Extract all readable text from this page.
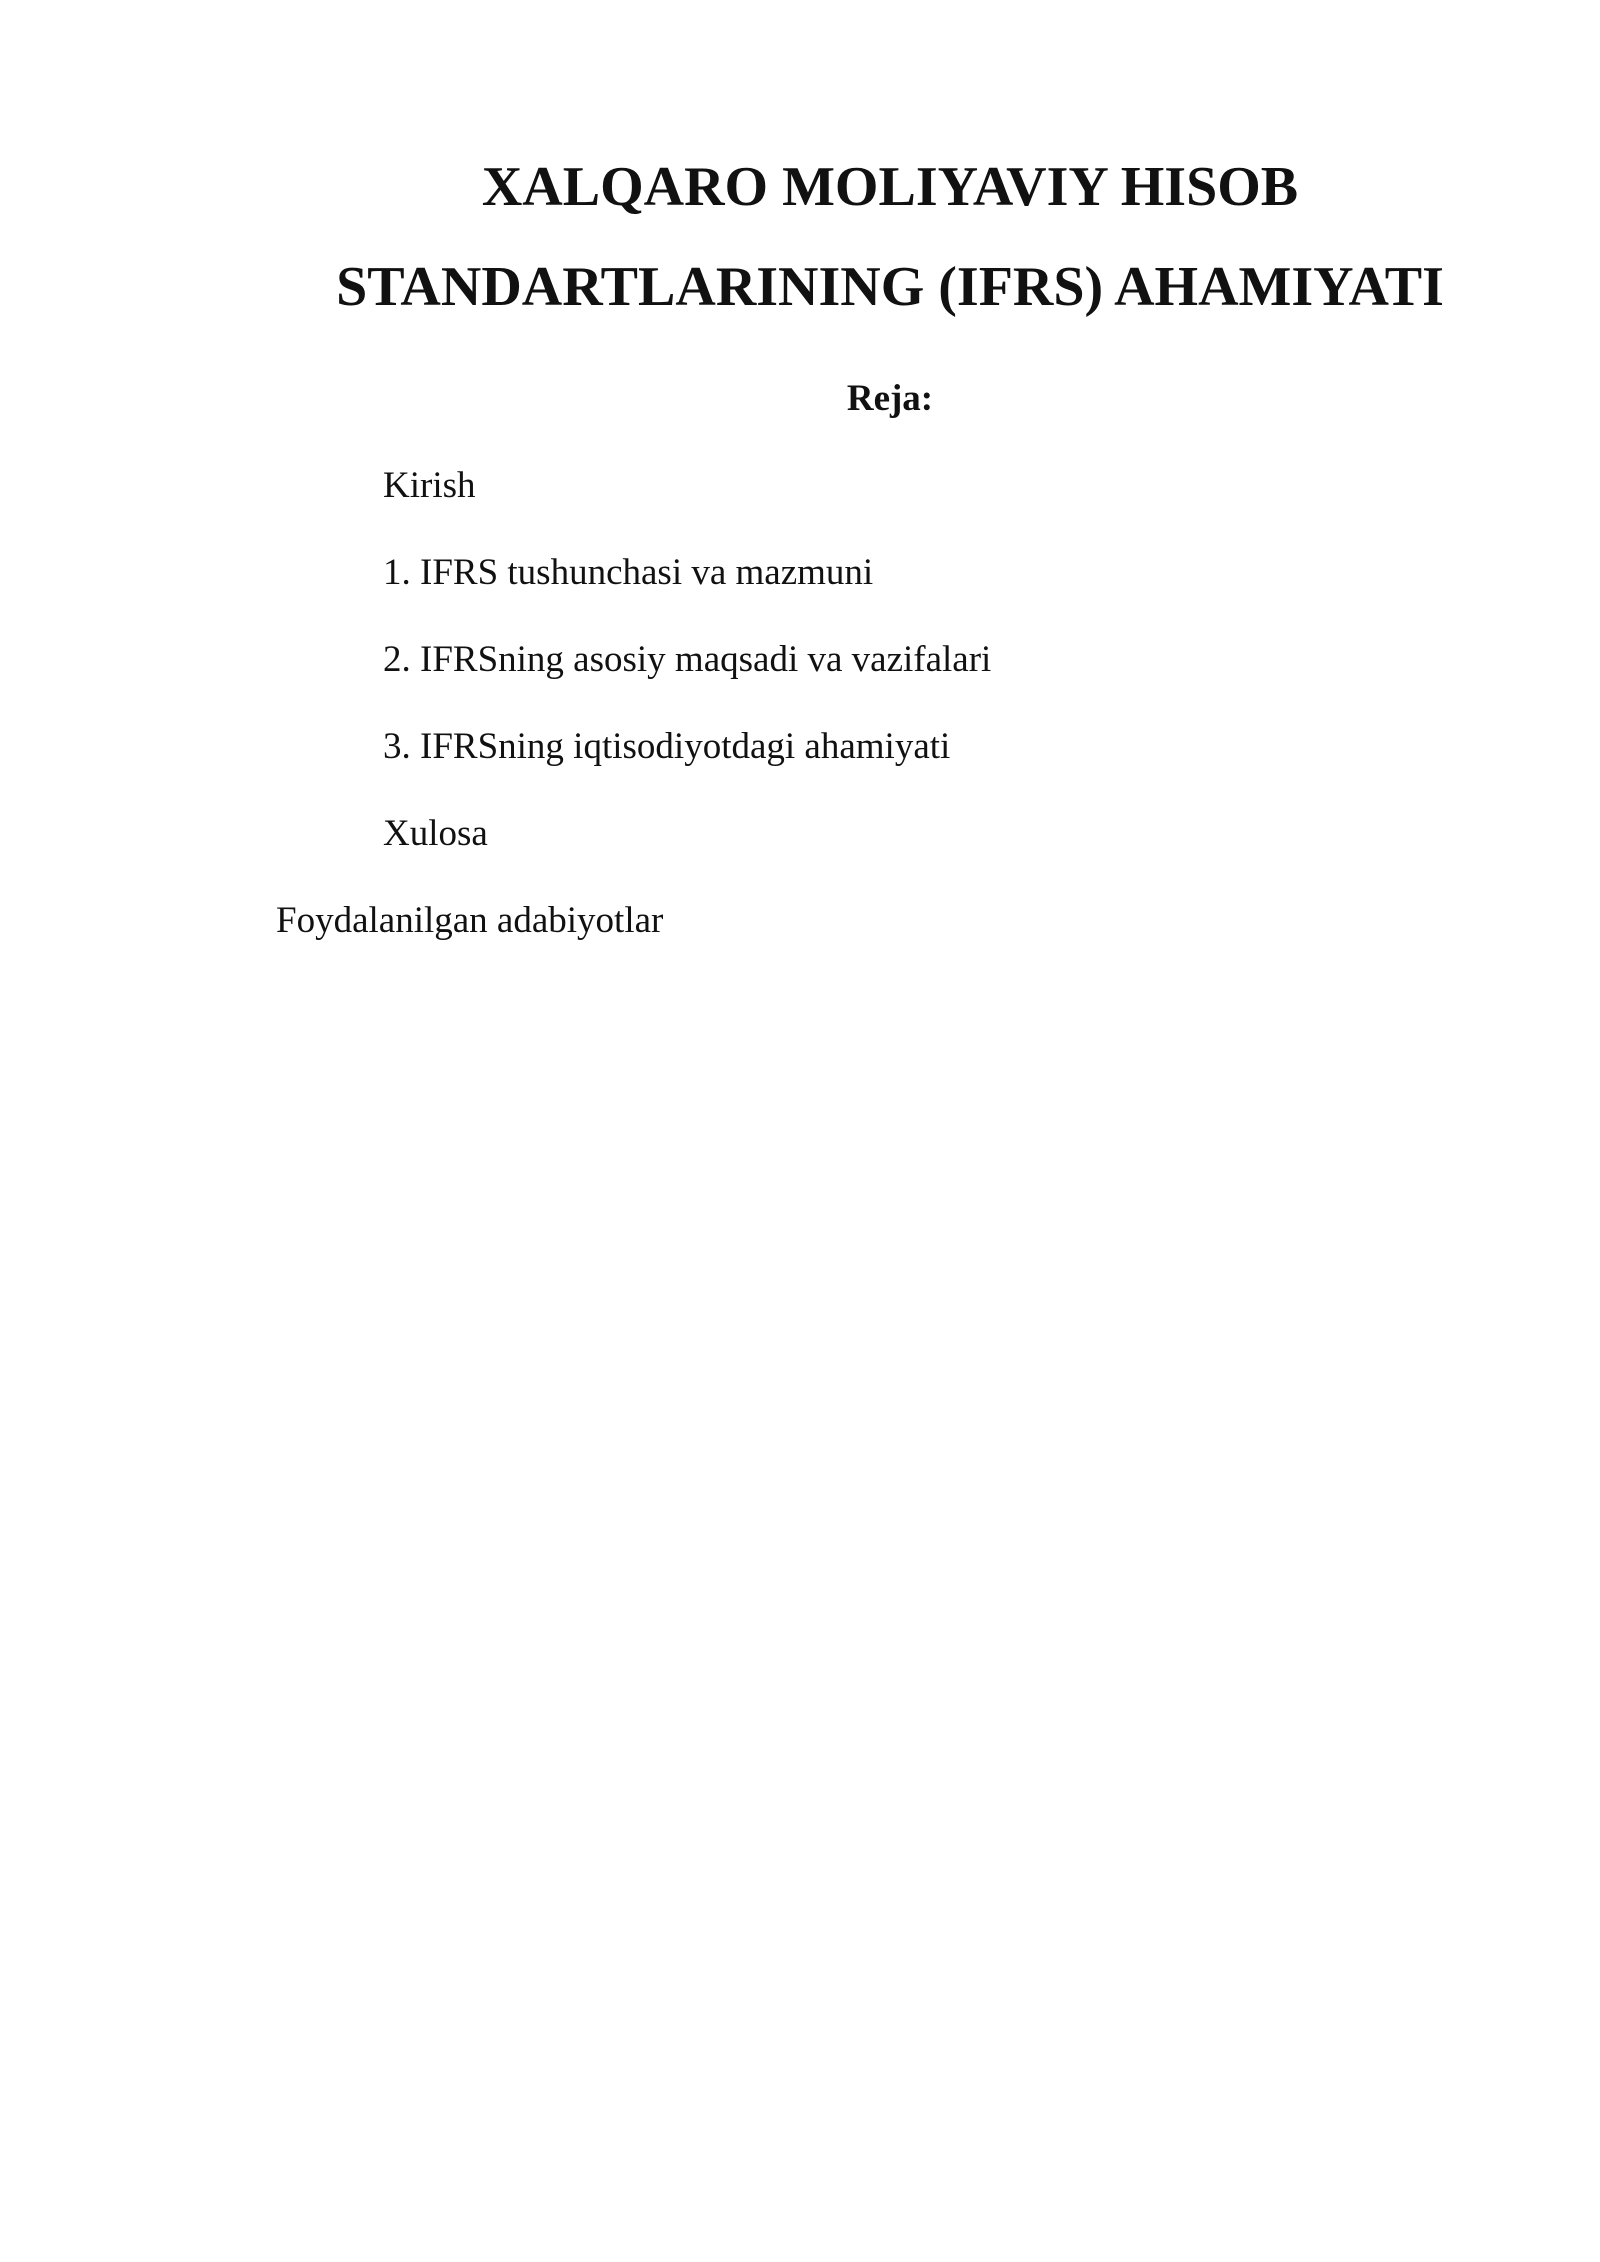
XALQARO MOLIYAVIY HISOB
STANDARTLARINING (IFRS) AHAMIYATI
Reja:

Kirish

1. IFRS tushunchasi va mazmuni

2. IFRSning asosiy maqsadi va vazifalari

3. IFRSning iqtisodiyotdagi ahamiyati

Xulosa

Foydalanilgan adabiyotlar
